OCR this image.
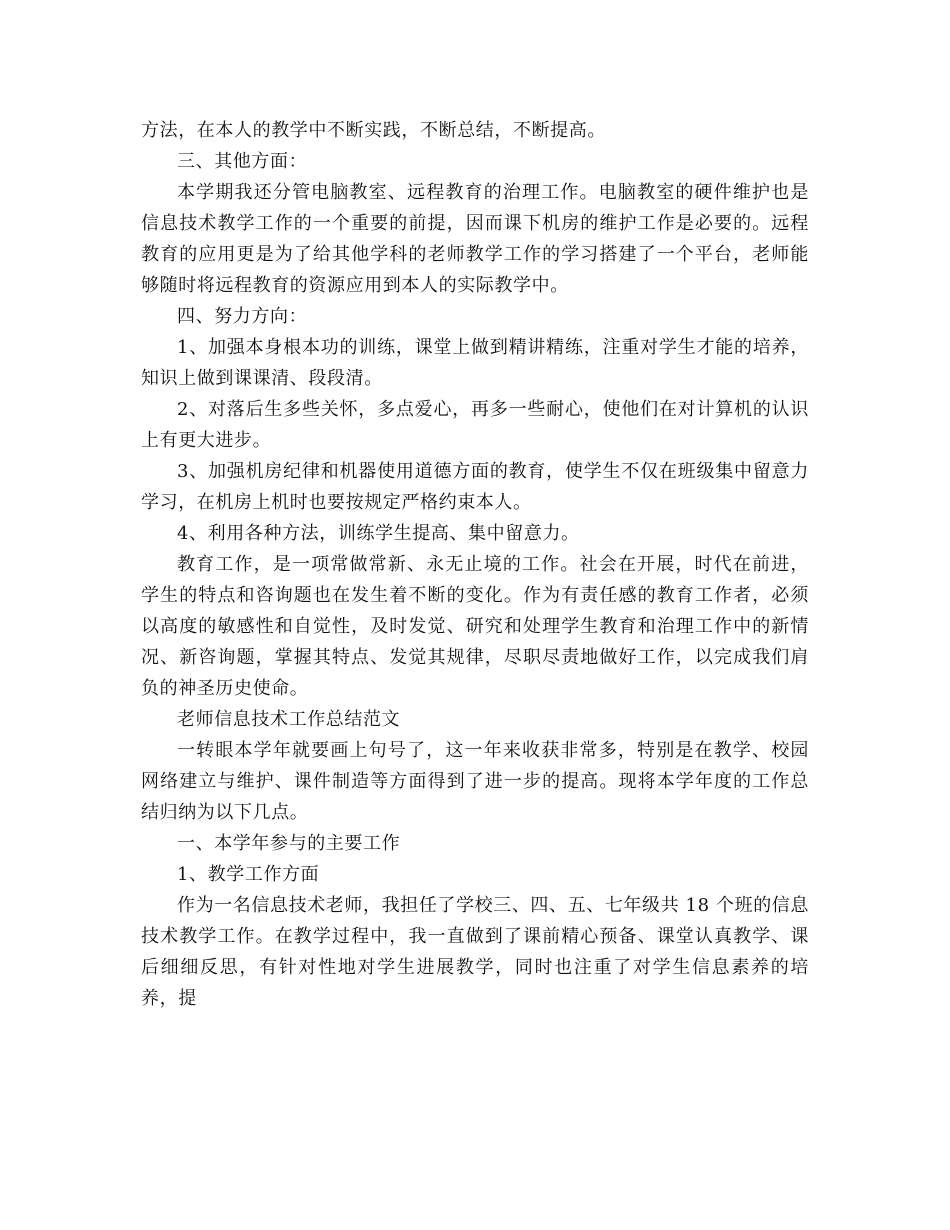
方法，在本人的教学中不断实践，不断总结，不断提高。

三、其他方面：

本学期我还分管电脑教室、远程教育的治理工作。电脑教室的硬件维护也是信息技术教学工作的一个重要的前提，因而课下机房的维护工作是必要的。远程教育的应用更是为了给其他学科的老师教学工作的学习搭建了一个平台，老师能够随时将远程教育的资源应用到本人的实际教学中。

四、努力方向：

1、加强本身根本功的训练，课堂上做到精讲精练，注重对学生才能的培养，知识上做到课课清、段段清。

2、对落后生多些关怀，多点爱心，再多一些耐心，使他们在对计算机的认识上有更大进步。

3、加强机房纪律和机器使用道德方面的教育，使学生不仅在班级集中留意力学习，在机房上机时也要按规定严格约束本人。

4、利用各种方法，训练学生提高、集中留意力。

教育工作，是一项常做常新、永无止境的工作。社会在开展，时代在前进，学生的特点和咨询题也在发生着不断的变化。作为有责任感的教育工作者，必须以高度的敏感性和自觉性，及时发觉、研究和处理学生教育和治理工作中的新情况、新咨询题，掌握其特点、发觉其规律，尽职尽责地做好工作，以完成我们肩负的神圣历史使命。

老师信息技术工作总结范文

一转眼本学年就要画上句号了，这一年来收获非常多，特别是在教学、校园网络建立与维护、课件制造等方面得到了进一步的提高。现将本学年度的工作总结归纳为以下几点。

一、本学年参与的主要工作

1、教学工作方面

作为一名信息技术老师，我担任了学校三、四、五、七年级共 18 个班的信息技术教学工作。在教学过程中，我一直做到了课前精心预备、课堂认真教学、课后细细反思，有针对性地对学生进展教学，同时也注重了对学生信息素养的培养，提
